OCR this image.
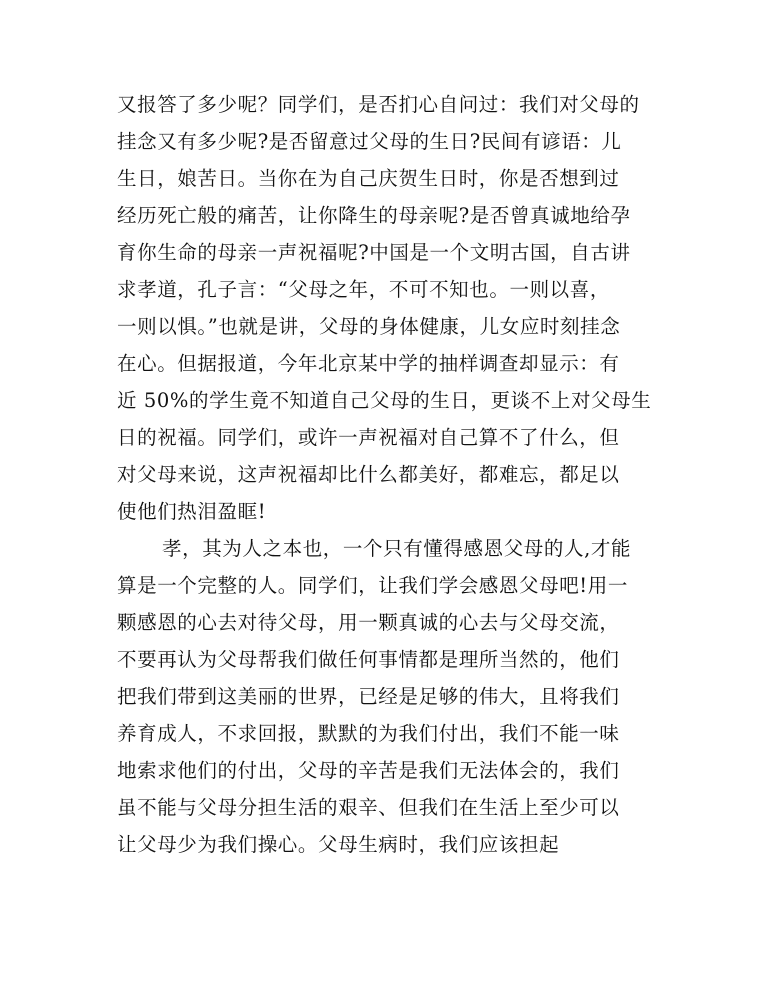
又报答了多少呢？同学们，是否扪心自问过：我们对父母的
挂念又有多少呢?是否留意过父母的生日?民间有谚语：儿
生日，娘苦日。当你在为自己庆贺生日时，你是否想到过
经历死亡般的痛苦，让你降生的母亲呢?是否曾真诚地给孕
育你生命的母亲一声祝福呢?中国是一个文明古国，自古讲
求孝道，孔子言：“父母之年，不可不知也。一则以喜，
一则以惧。”也就是讲，父母的身体健康，儿女应时刻挂念
在心。但据报道，今年北京某中学的抽样调查却显示：有
近 50%的学生竟不知道自己父母的生日，更谈不上对父母生
日的祝福。同学们，或许一声祝福对自己算不了什么，但
对父母来说，这声祝福却比什么都美好，都难忘，都足以
使他们热泪盈眶!
孝，其为人之本也，一个只有懂得感恩父母的人,才能
算是一个完整的人。同学们，让我们学会感恩父母吧!用一
颗感恩的心去对待父母，用一颗真诚的心去与父母交流，
不要再认为父母帮我们做任何事情都是理所当然的，他们
把我们带到这美丽的世界，已经是足够的伟大，且将我们
养育成人，不求回报，默默的为我们付出，我们不能一味
地索求他们的付出，父母的辛苦是我们无法体会的，我们
虽不能与父母分担生活的艰辛、但我们在生活上至少可以
让父母少为我们操心。父母生病时，我们应该担起
